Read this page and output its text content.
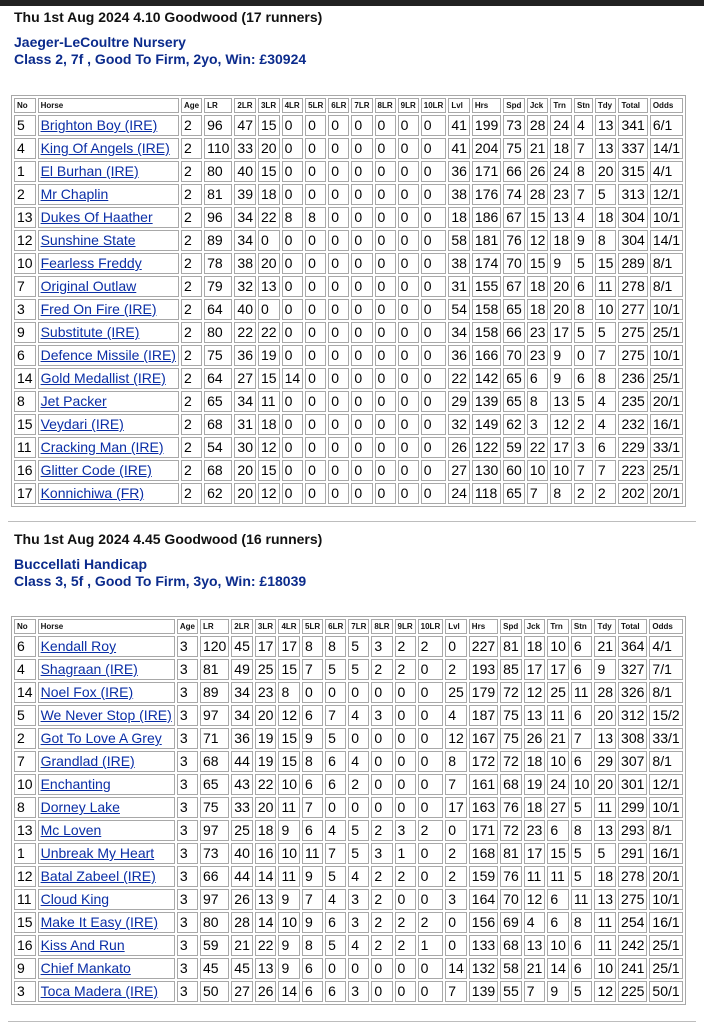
Thu 1st Aug 2024 4.10 Goodwood (17 runners)
Jaeger-LeCoultre Nursery
Class 2, 7f , Good To Firm, 2yo, Win: £30924
No	Horse	Age	LR	2LR	3LR	4LR	5LR	6LR	7LR	8LR	9LR	10LR	Lvl	Hrs	Spd	Jck	Trn	Stn	Tdy	Total	Odds
5	Brighton Boy (IRE)	2	96	47	15	0	0	0	0	0	0	0	41	199	73	28	24	4	13	341	6/1
4	King Of Angels (IRE)	2	110	33	20	0	0	0	0	0	0	0	41	204	75	21	18	7	13	337	14/1
1	El Burhan (IRE)	2	80	40	15	0	0	0	0	0	0	0	36	171	66	26	24	8	20	315	4/1
2	Mr Chaplin	2	81	39	18	0	0	0	0	0	0	0	38	176	74	28	23	7	5	313	12/1
13	Dukes Of Haather	2	96	34	22	8	8	0	0	0	0	0	18	186	67	15	13	4	18	304	10/1
12	Sunshine State	2	89	34	0	0	0	0	0	0	0	0	58	181	76	12	18	9	8	304	14/1
10	Fearless Freddy	2	78	38	20	0	0	0	0	0	0	0	38	174	70	15	9	5	15	289	8/1
7	Original Outlaw	2	79	32	13	0	0	0	0	0	0	0	31	155	67	18	20	6	11	278	8/1
3	Fred On Fire (IRE)	2	64	40	0	0	0	0	0	0	0	0	54	158	65	18	20	8	10	277	10/1
9	Substitute (IRE)	2	80	22	22	0	0	0	0	0	0	0	34	158	66	23	17	5	5	275	25/1
6	Defence Missile (IRE)	2	75	36	19	0	0	0	0	0	0	0	36	166	70	23	9	0	7	275	10/1
14	Gold Medallist (IRE)	2	64	27	15	14	0	0	0	0	0	0	22	142	65	6	9	6	8	236	25/1
8	Jet Packer	2	65	34	11	0	0	0	0	0	0	0	29	139	65	8	13	5	4	235	20/1
15	Veydari (IRE)	2	68	31	18	0	0	0	0	0	0	0	32	149	62	3	12	2	4	232	16/1
11	Cracking Man (IRE)	2	54	30	12	0	0	0	0	0	0	0	26	122	59	22	17	3	6	229	33/1
16	Glitter Code (IRE)	2	68	20	15	0	0	0	0	0	0	0	27	130	60	10	10	7	7	223	25/1
17	Konnichiwa (FR)	2	62	20	12	0	0	0	0	0	0	0	24	118	65	7	8	2	2	202	20/1
Thu 1st Aug 2024 4.45 Goodwood (16 runners)
Buccellati Handicap
Class 3, 5f , Good To Firm, 3yo, Win: £18039
No	Horse	Age	LR	2LR	3LR	4LR	5LR	6LR	7LR	8LR	9LR	10LR	Lvl	Hrs	Spd	Jck	Trn	Stn	Tdy	Total	Odds
6	Kendall Roy	3	120	45	17	17	8	8	5	3	2	2	0	227	81	18	10	6	21	364	4/1
4	Shagraan (IRE)	3	81	49	25	15	7	5	5	2	2	0	2	193	85	17	17	6	9	327	7/1
14	Noel Fox (IRE)	3	89	34	23	8	0	0	0	0	0	0	25	179	72	12	25	11	28	326	8/1
5	We Never Stop (IRE)	3	97	34	20	12	6	7	4	3	0	0	4	187	75	13	11	6	20	312	15/2
2	Got To Love A Grey	3	71	36	19	15	9	5	0	0	0	0	12	167	75	26	21	7	13	308	33/1
7	Grandlad (IRE)	3	68	44	19	15	8	6	4	0	0	0	8	172	72	18	10	6	29	307	8/1
10	Enchanting	3	65	43	22	10	6	6	2	0	0	0	7	161	68	19	24	10	20	301	12/1
8	Dorney Lake	3	75	33	20	11	7	0	0	0	0	0	17	163	76	18	27	5	11	299	10/1
13	Mc Loven	3	97	25	18	9	6	4	5	2	3	2	0	171	72	23	6	8	13	293	8/1
1	Unbreak My Heart	3	73	40	16	10	11	7	5	3	1	0	2	168	81	17	15	5	5	291	16/1
12	Batal Zabeel (IRE)	3	66	44	14	11	9	5	4	2	2	0	2	159	76	11	11	5	18	278	20/1
11	Cloud King	3	97	26	13	9	7	4	3	2	0	0	3	164	70	12	6	11	13	275	10/1
15	Make It Easy (IRE)	3	80	28	14	10	9	6	3	2	2	2	0	156	69	4	6	8	11	254	16/1
16	Kiss And Run	3	59	21	22	9	8	5	4	2	2	1	0	133	68	13	10	6	11	242	25/1
9	Chief Mankato	3	45	45	13	9	6	0	0	0	0	0	14	132	58	21	14	6	10	241	25/1
3	Toca Madera (IRE)	3	50	27	26	14	6	6	3	0	0	0	7	139	55	7	9	5	12	225	50/1
